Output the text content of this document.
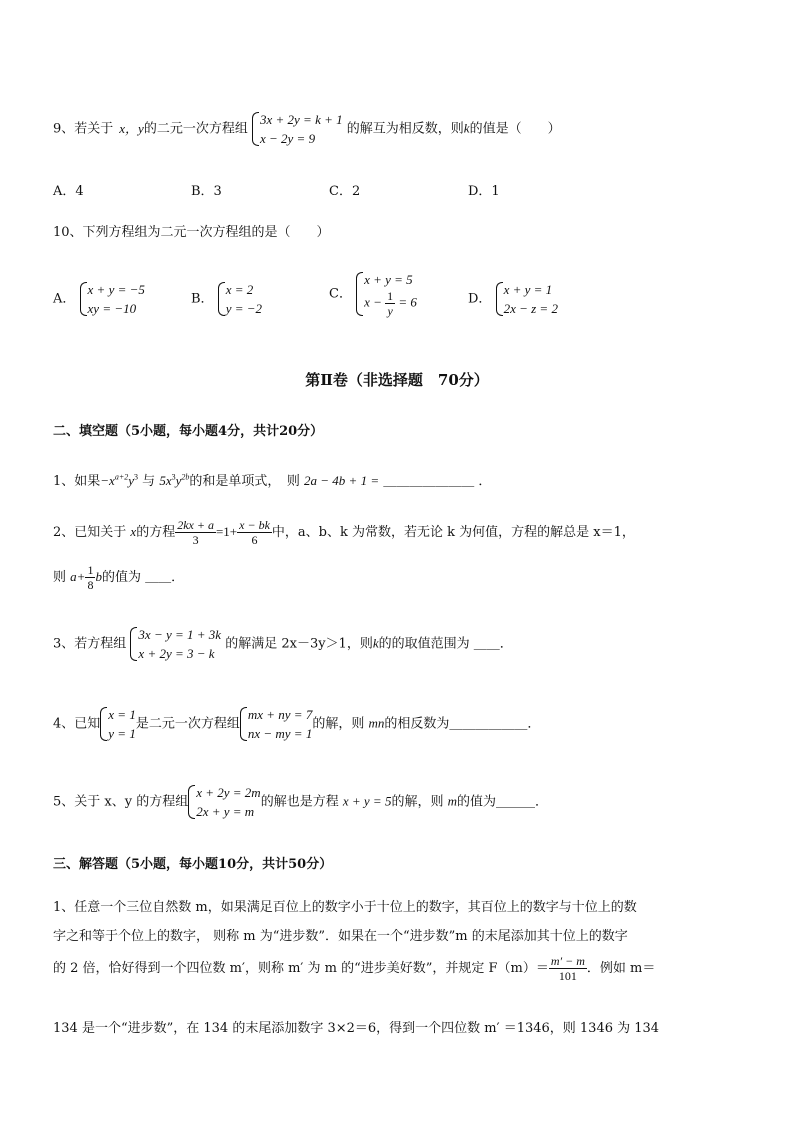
9、若关于 x，y的二元一次方程组
3x + 2y = k + 1
x − 2y = 9
的解互为相反数，则k的值是（　　）
A．4	B．3	C．2	D．1
10、下列方程组为二元一次方程组的是（　　）
A．
x + y = −5
xy = −10
B．
x = 2
y = −2
C．
x + y = 5
$x - \frac{1}{y} = 6$	D．
x + y = 1
2x − z = 2
第Ⅱ卷（非选择题　70分）
二、填空题（5小题，每小题4分，共计20分）
1、如果$-x^{a+2}y^3$ 与 $5x^3y^{2b}$的和是单项式，　则 2a − 4b + 1 = ＿＿＿＿＿＿＿ ．
2、已知关于 x的方程 $\frac{2kx + a}{3} =1+ \frac{x - bk}{6}$ 中，a、b、k 为常数，若无论 k 为何值，方程的解总是 x＝1，
则 $a+ \frac{1}{8}$ b的值为 ＿＿．
3、若方程组
3x − y = 1 + 3k
x + 2y = 3 − k
的解满足 2x－3y＞1，则k的的取值范围为 ＿＿．
4、已知
x = 1
y = 1
是二元一次方程组
mx + ny = 7
nx − my = 1
的解，则 mn的相反数为＿＿＿＿＿＿．
5、关于 x、y 的方程组
x + 2y = 2m
2x + y = m
的解也是方程 x + y = 5的解，则 m的值为＿＿＿．
三、解答题（5小题，每小题10分，共计50分）
1、任意一个三位自然数 m，如果满足百位上的数字小于十位上的数字，其百位上的数字与十位上的数
字之和等于个位上的数字， 则称 m 为“进步数”．如果在一个“进步数”m 的末尾添加其十位上的数字
的 2 倍，恰好得到一个四位数 m′，则称 m′ 为 m 的“进步美好数”，并规定 $F(m)= \frac{m' - m}{101}$ ．例如 m＝
134 是一个“进步数”，在 134 的末尾添加数字 3×2＝6，得到一个四位数 m′ ＝1346，则 1346 为 134
